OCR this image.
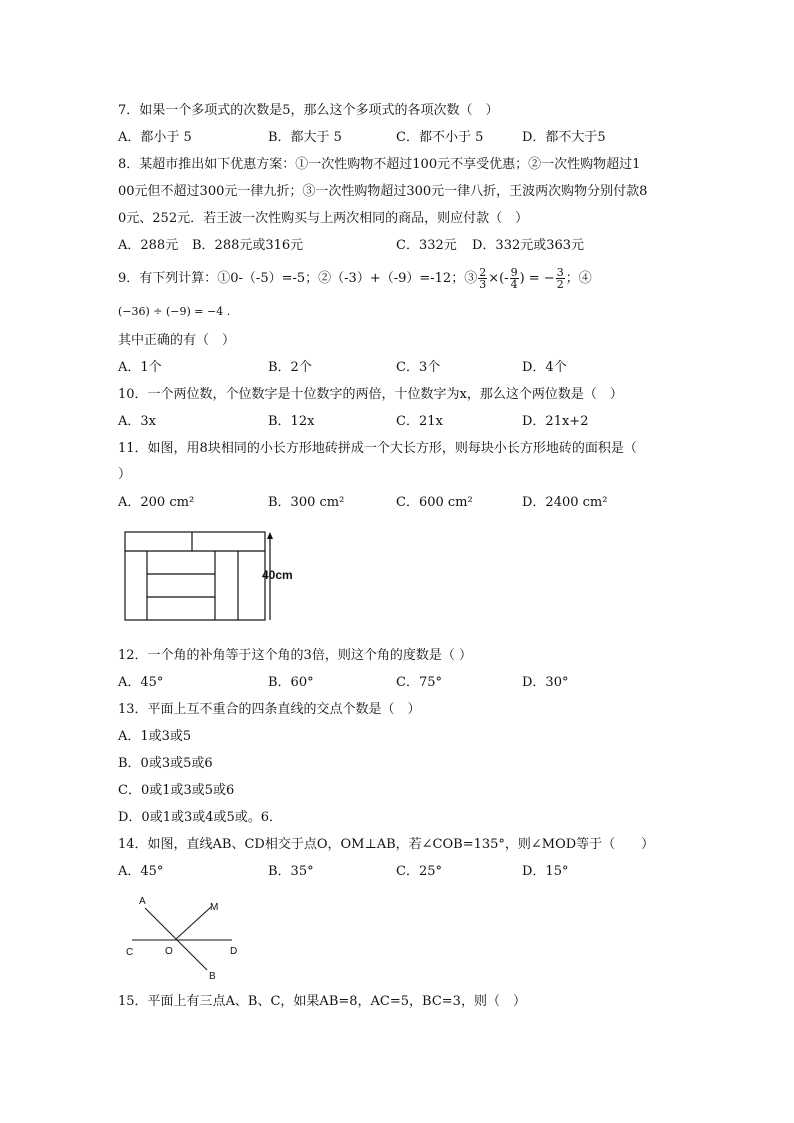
7．如果一个多项式的次数是5，那么这个多项式的各项次数（　）
A．都小于 5	B．都大于 5	C．都不小于 5	D．都不大于5
8．某超市推出如下优惠方案：①一次性购物不超过100元不享受优惠；②一次性购物超过1
00元但不超过300元一律九折；③一次性购物超过300元一律八折，王波两次购物分别付款8
0元、252元．若王波一次性购买与上两次相同的商品，则应付款（　）
A．288元 B．288元或316元	C．332元 D．332元或363元
9．有下列计算：①0-（-5）=-5；②（-3）+（-9）=-12；③ $\frac{2}{3}$ ×(- $\frac{9}{4}$ ) = − $\frac{3}{2}$ ；④
(−36) ÷ (−9) = −4 .
其中正确的有（　）
A．1个	B．2个	C．3个	D．4个
10．一个两位数，个位数字是十位数字的两倍，十位数字为x，那么这个两位数是（　）
A．3x	B．12x	C．21x	D．21x+2
11．如图，用8块相同的小长方形地砖拼成一个大长方形，则每块小长方形地砖的面积是（
）
A．200 cm²	B．300 cm²	C．600 cm²	D．2400 cm²
40cm
12．一个角的补角等于这个角的3倍，则这个角的度数是（ ）
A．45°	B．60°	C．75°	D．30°
13．平面上互不重合的四条直线的交点个数是（　）
A．1或3或5
B．0或3或5或6
C．0或1或3或5或6
D．0或1或3或4或5或。6．
14．如图，直线AB、CD相交于点O，OM⊥AB，若∠COB=135°，则∠MOD等于（　　）
A．45°	B．35°	C．25°	D．15°
A
M
C	O	D
B
15．平面上有三点A、B、C，如果AB=8，AC=5，BC=3，则（　）
